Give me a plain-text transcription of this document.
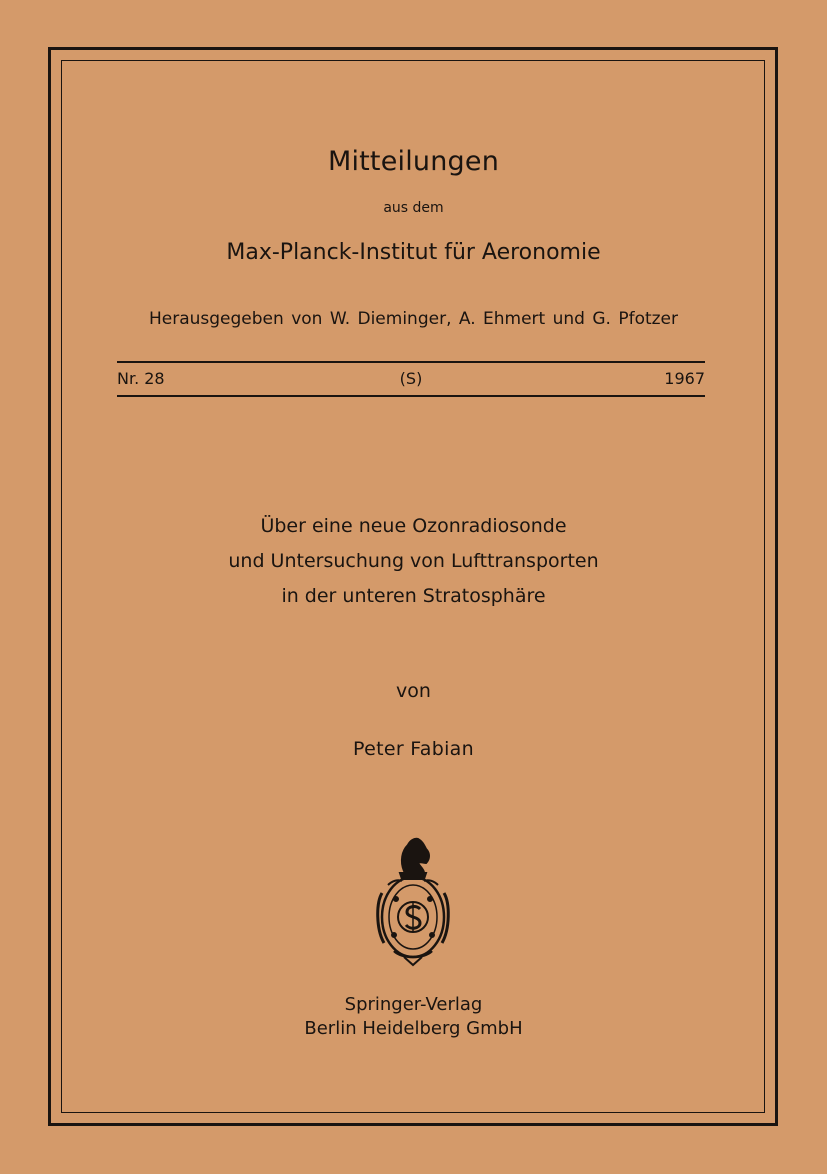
Mitteilungen
aus dem
Max-Planck-Institut für Aeronomie
Herausgegeben von W. Dieminger, A. Ehmert und G. Pfotzer
Nr. 28	(S)	1967
Über eine neue Ozonradiosonde
und Untersuchung von Lufttransporten
in der unteren Stratosphäre
von
Peter Fabian
Springer-Verlag
Berlin Heidelberg GmbH
